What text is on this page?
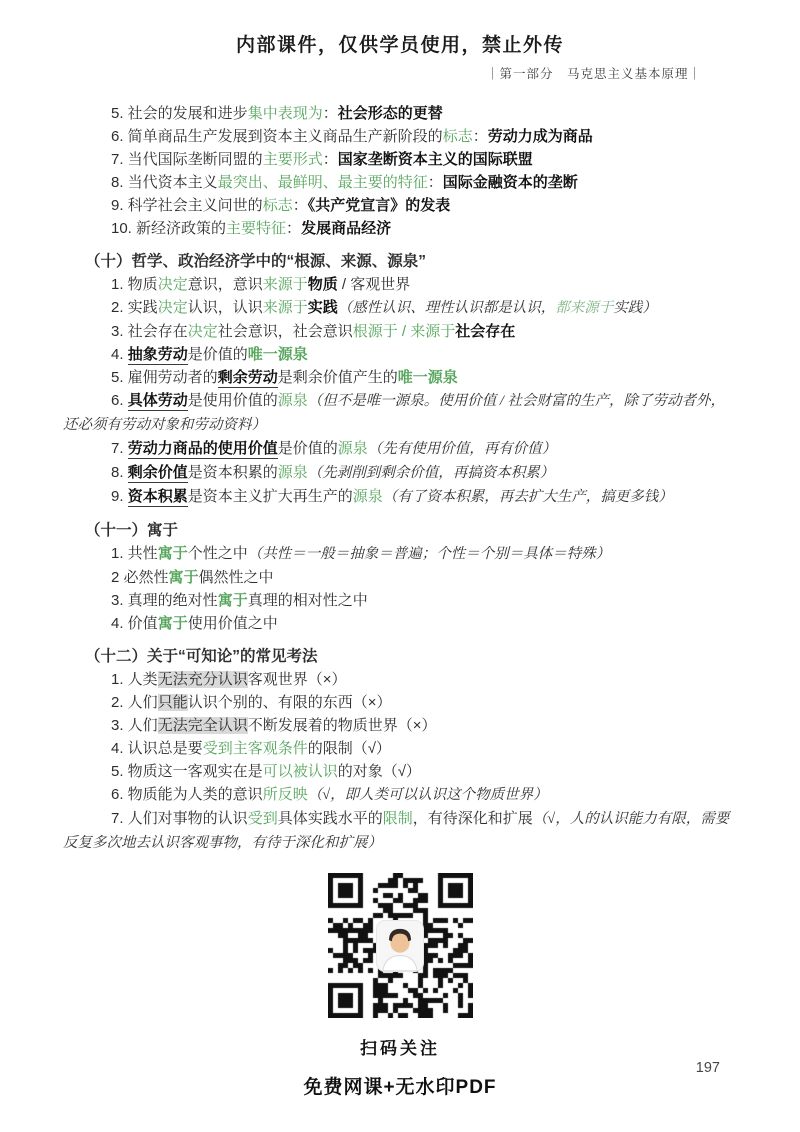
内部课件，仅供学员使用，禁止外传
｜第一部分　马克思主义基本原理｜
5. 社会的发展和进步集中表现为：社会形态的更替
6. 简单商品生产发展到资本主义商品生产新阶段的标志：劳动力成为商品
7. 当代国际垄断同盟的主要形式：国家垄断资本主义的国际联盟
8. 当代资本主义最突出、最鲜明、最主要的特征：国际金融资本的垄断
9. 科学社会主义问世的标志：《共产党宣言》的发表
10. 新经济政策的主要特征：发展商品经济
（十）哲学、政治经济学中的“根源、来源、源泉”
1. 物质决定意识，意识来源于物质 / 客观世界
2. 实践决定认识，认识来源于实践（感性认识、理性认识都是认识，都来源于实践）
3. 社会存在决定社会意识，社会意识根源于 / 来源于社会存在
4. 抽象劳动是价值的唯一源泉
5. 雇佣劳动者的剩余劳动是剩余价值产生的唯一源泉
6. 具体劳动是使用价值的源泉（但不是唯一源泉。使用价值 / 社会财富的生产，除了劳动者外，
还必须有劳动对象和劳动资料）
7. 劳动力商品的使用价值是价值的源泉（先有使用价值，再有价值）
8. 剩余价值是资本积累的源泉（先剥削到剩余价值，再搞资本积累）
9. 资本积累是资本主义扩大再生产的源泉（有了资本积累，再去扩大生产，搞更多钱）
（十一）寓于
1. 共性寓于个性之中（共性＝一般＝抽象＝普遍；个性＝个别＝具体＝特殊）
2 必然性寓于偶然性之中
3. 真理的绝对性寓于真理的相对性之中
4. 价值寓于使用价值之中
（十二）关于“可知论”的常见考法
1. 人类无法充分认识客观世界（×）
2. 人们只能认识个别的、有限的东西（×）
3. 人们无法完全认识不断发展着的物质世界（×）
4. 认识总是要受到主客观条件的限制（√）
5. 物质这一客观实在是可以被认识的对象（√）
6. 物质能为人类的意识所反映（√，即人类可以认识这个物质世界）
7. 人们对事物的认识受到具体实践水平的限制，有待深化和扩展（√，人的认识能力有限，需要
反复多次地去认识客观事物，有待于深化和扩展）
扫码关注
免费网课+无水印PDF
197
